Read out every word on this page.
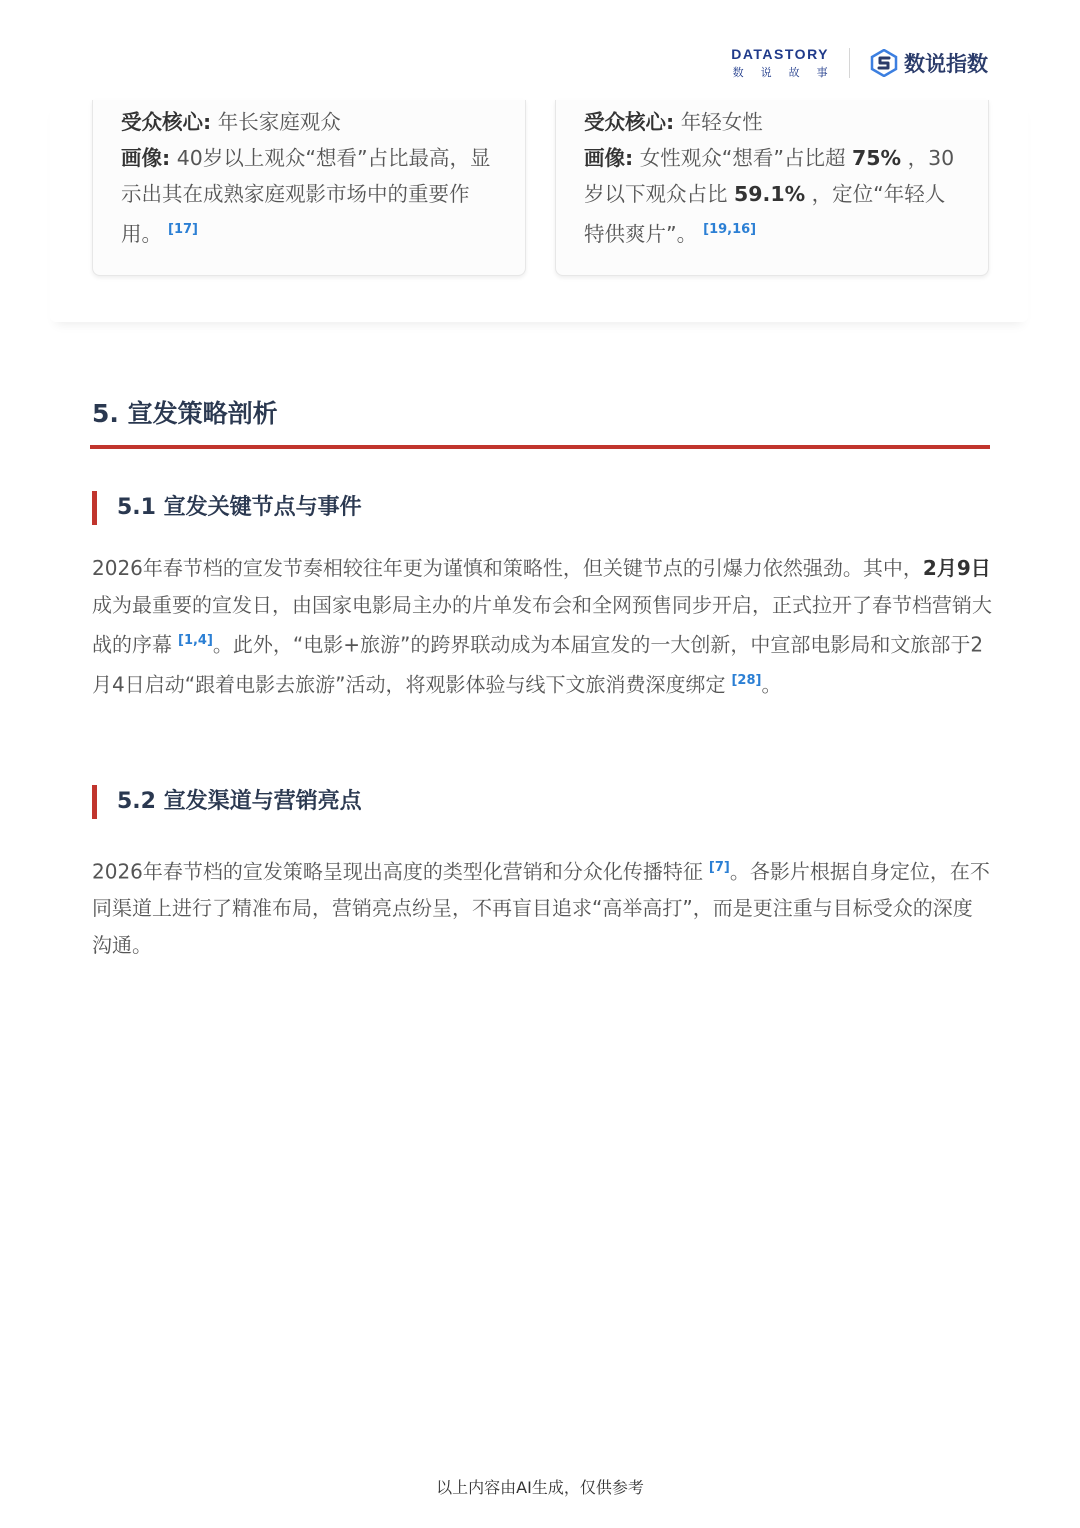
DATASTORY
数说故事	数说指数

受众核心: 年长家庭观众

画像: 40岁以上观众“想看”占比最高，显示出其在成熟家庭观影市场中的重要作用。 [17]

受众核心: 年轻女性

画像: 女性观众“想看”占比超 75% ，30岁以下观众占比 59.1% ，定位“年轻人特供爽片”。 [19,16]

5. 宣发策略剖析
5.1 宣发关键节点与事件

2026年春节档的宣发节奏相较往年更为谨慎和策略性，但关键节点的引爆力依然强劲。其中，2月9日 成为最重要的宣发日，由国家电影局主办的片单发布会和全网预售同步开启，正式拉开了春节档营销大战的序幕 [1,4]。此外，“电影+旅游”的跨界联动成为本届宣发的一大创新，中宣部电影局和文旅部于2月4日启动“跟着电影去旅游”活动，将观影体验与线下文旅消费深度绑定 [28]。

5.2 宣发渠道与营销亮点

2026年春节档的宣发策略呈现出高度的类型化营销和分众化传播特征 [7]。各影片根据自身定位，在不同渠道上进行了精准布局，营销亮点纷呈，不再盲目追求“高举高打”，而是更注重与目标受众的深度沟通。

以上内容由AI生成，仅供参考
